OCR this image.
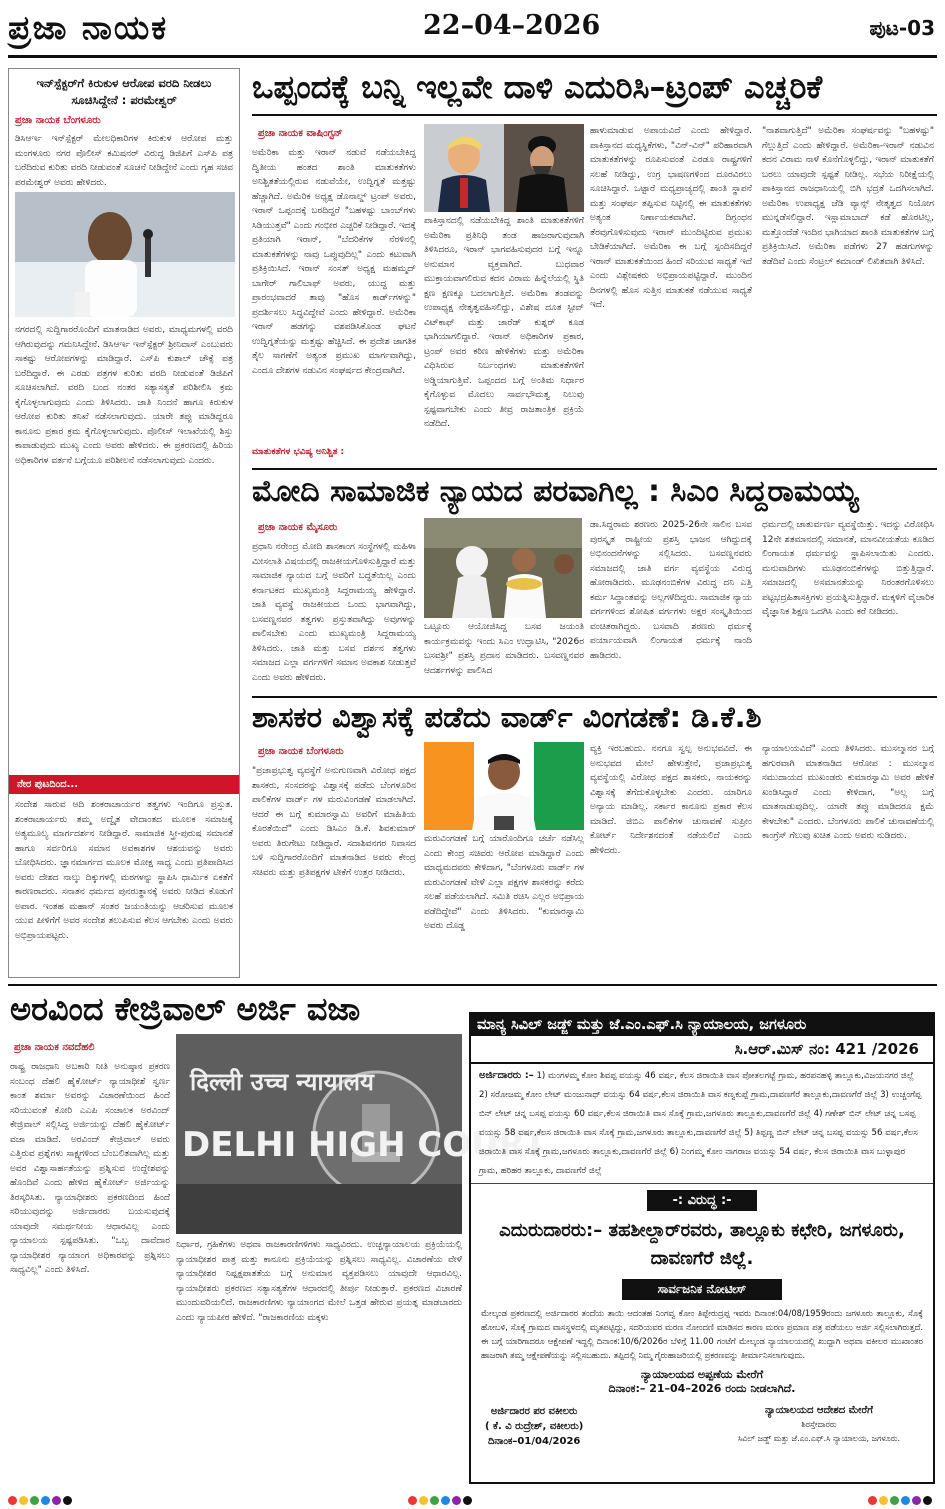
ಪ್ರಜಾ ನಾಯಕ	22–04–2026	ಪುಟ-03
ಇನ್‌ಸ್ಪೆಕ್ಟರ್‌ಗೆ ಕಿರುಕುಳ ಆರೋಪ ವರದಿ ನೀಡಲು ಸೂಚಿಸಿದ್ದೇನೆ : ಪರಮೇಶ್ವರ್
ಪ್ರಜಾ ನಾಯಕ ಬೆಂಗಳೂರು
ಡಿಸಿಆರ್ಇ ಇನ್‌ಸ್ಪೆಕ್ಟರ್ ಮೇಲಧಿಕಾರಿಗಳ ಕಿರುಕುಳ ಆರೋಪ ಮತ್ತು ಮಂಗಳೂರು ನಗರ ಪೊಲೀಸ್ ಕಮಿಷನರ್ ವಿರುದ್ಧ ಡಿಜಿಪಿಗೆ ಎಸ್‌ಪಿ ಪತ್ರ ಬರೆದಿರುವ ಕುರಿತು ವರದಿ ನೀಡುವಂತೆ ಸೂಚನೆ ನೀಡಿದ್ದೇನೆ ಎಂದು ಗೃಹ ಸಚಿವ ಪರಮೇಶ್ವರ್ ಅವರು ಹೇಳಿದರು.
ನಗರದಲ್ಲಿ ಸುದ್ದಿಗಾರರೊಂದಿಗೆ ಮಾತನಾಡಿದ ಅವರು, ಮಾಧ್ಯಮಗಳಲ್ಲಿ ವರದಿ ಆಗಿರುವುದನ್ನು ಗಮನಿಸಿದ್ದೇನೆ. ಡಿಸಿಆರ್ಇ ಇನ್‌ಸ್ಪೆಕ್ಟರ್ ಶ್ರೀನಿವಾಸ್ ಎಂಬುವರು ಸಾಕಷ್ಟು ಆರೋಪಗಳನ್ನು ಮಾಡಿದ್ದಾರೆ. ಎಸ್‌ಪಿ ಕುಶಾಲ್ ಚೌಕ್ಸೆ ಪತ್ರ ಬರೆದಿದ್ದಾರೆ. ಈ ಎರಡು ಪತ್ರಗಳ ಕುರಿತು ವರದಿ ನೀಡುವಂತೆ ಡಿಜಿಪಿಗೆ ಸೂಚಿಸಲಾಗಿದೆ. ವರದಿ ಬಂದ ನಂತರ ಸತ್ಯಾಸತ್ಯತೆ ಪರಿಶೀಲಿಸಿ ಕ್ರಮ ಕೈಗೊಳ್ಳಲಾಗುವುದು ಎಂದು ತಿಳಿಸಿದರು. ಜಾತಿ ನಿಂದನೆ ಹಾಗೂ ಕಿರುಕುಳ ಆರೋಪ ಕುರಿತು ತನಿಖೆ ನಡೆಸಲಾಗುವುದು. ಯಾರೇ ತಪ್ಪು ಮಾಡಿದ್ದರೂ ಕಾನೂನು ಪ್ರಕಾರ ಕ್ರಮ ಕೈಗೊಳ್ಳಲಾಗುವುದು. ಪೊಲೀಸ್ ಇಲಾಖೆಯಲ್ಲಿ ಶಿಸ್ತು ಕಾಪಾಡುವುದು ಮುಖ್ಯ ಎಂದು ಅವರು ಹೇಳಿದರು. ಈ ಪ್ರಕರಣದಲ್ಲಿ ಹಿರಿಯ ಅಧಿಕಾರಿಗಳ ವರ್ತನೆ ಬಗ್ಗೆಯೂ ಪರಿಶೀಲನೆ ನಡೆಸಲಾಗುವುದು ಎಂದರು.
ನೇರ ಪುಟದಿಂದ...
ಸಂದೇಶ ಸಾರುವ ಆದಿ ಶಂಕರಾಚಾರ್ಯರ ತತ್ವಗಳು ಇಂದಿಗೂ ಪ್ರಸ್ತುತ. ಶಂಕರಾಚಾರ್ಯರು ತಮ್ಮ ಅದ್ವೈತ ವೇದಾಂತದ ಮೂಲಕ ಸಮಾಜಕ್ಕೆ ಅತ್ಯಮೂಲ್ಯ ಮಾರ್ಗದರ್ಶನ ನೀಡಿದ್ದಾರೆ. ಸಾಮಾಜಿಕ ಸ್ತ್ರೀ-ಪುರುಷ ಸಮಾನತೆ ಹಾಗೂ ಸರ್ವರಿಗೂ ಸಮಾನ ಅವಕಾಶಗಳ ಆಶಯವನ್ನು ಅವರು ಬೋಧಿಸಿದರು. ಜ್ಞಾನಮಾರ್ಗದ ಮೂಲಕ ಮೋಕ್ಷ ಸಾಧ್ಯ ಎಂದು ಪ್ರತಿಪಾದಿಸಿದ ಅವರು ದೇಶದ ನಾಲ್ಕು ದಿಕ್ಕುಗಳಲ್ಲಿ ಮಠಗಳನ್ನು ಸ್ಥಾಪಿಸಿ ಧಾರ್ಮಿಕ ಏಕತೆಗೆ ಕಾರಣರಾದರು. ಸನಾತನ ಧರ್ಮದ ಪುನರುತ್ಥಾನಕ್ಕೆ ಅವರು ನೀಡಿದ ಕೊಡುಗೆ ಅಪಾರ. ಇಂತಹ ಮಹಾನ್ ಸಂತರ ಜಯಂತಿಯನ್ನು ಆಚರಿಸುವ ಮೂಲಕ ಯುವ ಪೀಳಿಗೆಗೆ ಅವರ ಸಂದೇಶ ತಲುಪಿಸುವ ಕೆಲಸ ಆಗಬೇಕು ಎಂದು ಅವರು ಅಭಿಪ್ರಾಯಪಟ್ಟರು.
ಒಪ್ಪಂದಕ್ಕೆ ಬನ್ನಿ ಇಲ್ಲವೇ ದಾಳಿ ಎದುರಿಸಿ–ಟ್ರಂಪ್ ಎಚ್ಚರಿಕೆ
ಪ್ರಜಾ ನಾಯಕ ವಾಷಿಂಗ್ಟನ್
ಅಮೆರಿಕಾ ಮತ್ತು ಇರಾನ್ ನಡುವೆ ನಡೆಯಬೇಕಿದ್ದ ದ್ವಿತೀಯ ಹಂತದ ಶಾಂತಿ ಮಾತುಕತೆಗಳು ಅನಿಶ್ಚಿತತೆಯಲ್ಲಿರುವ ನಡುವೆಯೇ, ಉದ್ವಿಗ್ನತೆ ಮತ್ತಷ್ಟು ಹೆಚ್ಚಾಗಿದೆ. ಅಮೆರಿಕ ಅಧ್ಯಕ್ಷ ಡೊನಾಲ್ಡ್ ಟ್ರಂಪ್ ಅವರು, ಇರಾನ್ ಒಪ್ಪಂದಕ್ಕೆ ಬರದಿದ್ದರೆ "ಬಹಳಷ್ಟು ಬಾಂಬ್‌ಗಳು ಸಿಡಿಯುತ್ತವೆ" ಎಂದು ಗಂಭೀರ ಎಚ್ಚರಿಕೆ ನೀಡಿದ್ದಾರೆ. ಇದಕ್ಕೆ ಪ್ರತಿಯಾಗಿ ಇರಾನ್, "ಬೆದರಿಕೆಗಳ ನೆರಳಿನಲ್ಲಿ ಮಾತುಕತೆಗಳನ್ನು ನಾವು ಒಪ್ಪುವುದಿಲ್ಲ" ಎಂದು ಕಟುವಾಗಿ ಪ್ರತಿಕ್ರಿಯಿಸಿದೆ. ಇರಾನ್ ಸಂಸತ್ ಅಧ್ಯಕ್ಷ ಮಹಮ್ಮದ್ ಬಾಗೇರ್ ಗಾಲಿಬಾಫ್ ಅವರು, ಯುದ್ಧ ಮತ್ತು ಪ್ರಾರಂಭವಾದರೆ ತಾವು "ಹೊಸ ಕಾರ್ಡ್‌ಗಳನ್ನು" ಪ್ರದರ್ಶಿಸಲು ಸಿದ್ಧವಿದ್ದೇವೆ ಎಂದು ಹೇಳಿದ್ದಾರೆ. ಅಮೆರಿಕಾ ಇರಾನ್ ಹಡಗನ್ನು ವಶಪಡಿಸಿಕೊಂಡ ಘಟನೆ ಉದ್ವಿಗ್ನತೆಯನ್ನು ಮತ್ತಷ್ಟು ಹೆಚ್ಚಿಸಿದೆ. ಈ ಪ್ರದೇಶ ಜಾಗತಿಕ ತೈಲ ಸಾಗಣೆಗೆ ಅತ್ಯಂತ ಪ್ರಮುಖ ಮಾರ್ಗವಾಗಿದ್ದು, ಎಂದೂ ದೇಶಗಳ ನಡುವಿನ ಸಂಘರ್ಷದ ಕೇಂದ್ರವಾಗಿದೆ.
ಮಾತುಕತೆಗಳ ಭವಿಷ್ಯ ಅನಿಶ್ಚಿತ :
ಪಾಕಿಸ್ತಾನದಲ್ಲಿ ನಡೆಯಬೇಕಿದ್ದ ಶಾಂತಿ ಮಾತುಕತೆಗಳಿಗೆ ಅಮೆರಿಕಾ ಪ್ರತಿನಿಧಿ ತಂಡ ಹಾಜರಾಗುವುದಾಗಿ ತಿಳಿಸಿದರೂ, ಇರಾನ್ ಭಾಗವಹಿಸುವುದರ ಬಗ್ಗೆ ಇನ್ನೂ ಅನುಮಾನ ವ್ಯಕ್ತವಾಗಿದೆ. ಬುಧವಾರ ಮುಕ್ತಾಯವಾಗಲಿರುವ ಕದನ ವಿರಾಮ ಹಿನ್ನೆಲೆಯಲ್ಲಿ ಸ್ಥಿತಿ ಕ್ಷಣ ಕ್ಷಣಕ್ಕೂ ಬದಲಾಗುತ್ತಿದೆ. ಅಮೆರಿಕಾ ತಂಡವನ್ನು ಉಪಾಧ್ಯಕ್ಷ ನೇತೃತ್ವವಹಿಸಲಿದ್ದು, ವಿಶೇಷ ದೂತ ಸ್ಟೀವ್ ವಿಟ್‌ಕಾಫ್ ಮತ್ತು ಜಾರೆಡ್ ಕುಶ್ನರ್ ಕೂಡ ಭಾಗಿಯಾಗಲಿದ್ದಾರೆ. ಇರಾನ್ ಅಧಿಕಾರಿಗಳ ಪ್ರಕಾರ, ಟ್ರಂಪ್ ಅವರ ಕಠಿಣ ಹೇಳಿಕೆಗಳು ಮತ್ತು ಅಮೆರಿಕಾ ವಿಧಿಸಿರುವ ನಿರ್ಬಂಧಗಳು ಮಾತುಕತೆಗಳಿಗೆ ಅಡ್ಡಿಯಾಗುತ್ತಿವೆ. ಒಪ್ಪಂದದ ಬಗ್ಗೆ ಅಂತಿಮ ನಿರ್ಧಾರ ಕೈಗೊಳ್ಳುವ ಮೊದಲು ಸಾರ್ವಭೌಮತ್ವ ನಿಲುವು ಸ್ಪಷ್ಟವಾಗಬೇಕು ಎಂದು ತೀವ್ರ ರಾಜತಾಂತ್ರಿಕ ಪ್ರಕ್ರಿಯೆ ನಡೆದಿದೆ.
ಹಾಳುಮಾಡುವ ಅಪಾಯವಿದೆ ಎಂದು ಹೇಳಿದ್ದಾರೆ. ಪಾಕಿಸ್ತಾನದ ಮಧ್ಯಸ್ಥಿಕೆಗಳು, "ವಿನ್-ವಿನ್" ಪರಿಹಾರವಾಗಿ ಮಾತುಕತೆಗಳನ್ನು ರೂಪಿಸುವಂತೆ ಎರಡೂ ರಾಷ್ಟ್ರಗಳಿಗೆ ಸಲಹೆ ನೀಡಿದ್ದು, ಉಗ್ರ ಭಾಷಣಗಳಿಂದ ದೂರವಿರಲು ಸೂಚಿಸಿದ್ದಾರೆ. ಒಟ್ಟಾರೆ ಮಧ್ಯಪ್ರಾಚ್ಯದಲ್ಲಿ ಶಾಂತಿ ಸ್ಥಾಪನೆ ಮತ್ತು ಸಂಘರ್ಷ ತಪ್ಪಿಸುವ ನಿಟ್ಟಿನಲ್ಲಿ ಈ ಮಾತುಕತೆಗಳು ಅತ್ಯಂತ ನಿರ್ಣಾಯಕವಾಗಿವೆ. ದಿಗ್ಬಂಧನ ತೆರವುಗೊಳಿಸುವುದು ಇರಾನ್ ಮುಂದಿಟ್ಟಿರುವ ಪ್ರಮುಖ ಬೇಡಿಕೆಯಾಗಿದೆ. ಅಮೆರಿಕಾ ಈ ಬಗ್ಗೆ ಸ್ಪಂದಿಸದಿದ್ದರೆ ಇರಾನ್ ಮಾತುಕತೆಯಿಂದ ಹಿಂದೆ ಸರಿಯುವ ಸಾಧ್ಯತೆ ಇದೆ ಎಂದು ವಿಶ್ಲೇಷಕರು ಅಭಿಪ್ರಾಯಪಟ್ಟಿದ್ದಾರೆ. ಮುಂದಿನ ದಿನಗಳಲ್ಲಿ ಹೊಸ ಸುತ್ತಿನ ಮಾತುಕತೆ ನಡೆಯುವ ಸಾಧ್ಯತೆ ಇದೆ.
"ನಾಶವಾಗುತ್ತಿದೆ" ಅಮೆರಿಕಾ ಸಂಘರ್ಷವನ್ನು "ಬಹಳಷ್ಟು" ಗೆಲ್ಲುತ್ತಿದೆ ಎಂದು ಹೇಳಿದ್ದಾರೆ. ಅಮೆರಿಕಾ-ಇರಾನ್ ನಡುವಿನ ಕದನ ವಿರಾಮ ನಾಳೆ ಕೊನೆಗೊಳ್ಳಲಿದ್ದು, ಇರಾನ್ ಮಾತುಕತೆಗೆ ಬರಲು ಯಾವುದೇ ಸ್ಪಷ್ಟತೆ ನೀಡಿಲ್ಲ. ಸಭೆಯ ನಿರೀಕ್ಷೆಯಲ್ಲಿ ಪಾಕಿಸ್ತಾನದ ರಾಜಧಾನಿಯಲ್ಲಿ ಬಿಗಿ ಭದ್ರತೆ ಒದಗಿಸಲಾಗಿದೆ. ಅಮೆರಿಕಾ ಉಪಾಧ್ಯಕ್ಷ ಜೆಡಿ ವ್ಯಾನ್ಸ್ ನೇತೃತ್ವದ ನಿಯೋಗ ಮುನ್ನಡೆಸಲಿದ್ದಾರೆ. ಇಸ್ಲಾಮಾಬಾದ್ ಕಡೆ ಹೊರಟಿಲ್ಲ, ಮತ್ತೊಂದೆಡೆ ಇಂದಿನ ಭಾಗಿಯಾದ ಶಾಂತಿ ಮಾತುಕತೆಗಳ ಬಗ್ಗೆ ಪ್ರತಿಕ್ರಿಯಿಸಿದೆ. ಅಮೆರಿಕಾ ಪಡೆಗಳು 27 ಹಡಗುಗಳನ್ನು ತಡೆದಿವೆ ಎಂದು ಸೆಂಟ್ರಲ್ ಕಮಾಂಡ್ ಲಿಖಿತವಾಗಿ ತಿಳಿಸಿದೆ.
ಮೋದಿ ಸಾಮಾಜಿಕ ನ್ಯಾಯದ ಪರವಾಗಿಲ್ಲ : ಸಿಎಂ ಸಿದ್ದರಾಮಯ್ಯ
ಪ್ರಜಾ ನಾಯಕ ಮೈಸೂರು
ಪ್ರಧಾನಿ ನರೇಂದ್ರ ಮೋದಿ ಶಾಸಕಾಂಗ ಸಂಸ್ಥೆಗಳಲ್ಲಿ ಮಹಿಳಾ ಮೀಸಲಾತಿ ವಿಷಯದಲ್ಲಿ ರಾಜಕೀಯಗೊಳಿಸುತ್ತಿದ್ದಾರೆ ಮತ್ತು ಸಾಮಾಜಿಕ ನ್ಯಾಯದ ಬಗ್ಗೆ ಅವರಿಗೆ ಬದ್ಧತೆಯಿಲ್ಲ ಎಂದು ಕರ್ನಾಟಕದ ಮುಖ್ಯಮಂತ್ರಿ ಸಿದ್ದರಾಮಯ್ಯ ಹೇಳಿದ್ದಾರೆ. ಜಾತಿ ವ್ಯವಸ್ಥೆ ರಾಜಕೀಯದ ಒಂದು ಭಾಗವಾಗಿದ್ದು, ಬಸವಣ್ಣನವರ ತತ್ವಗಳು ಪ್ರಸ್ತುತವಾಗಿದ್ದು ಅವುಗಳನ್ನು ಪಾಲಿಸಬೇಕು ಎಂದು ಮುಖ್ಯಮಂತ್ರಿ ಸಿದ್ದರಾಮಯ್ಯ ತಿಳಿಸಿದರು. ಜಾತಿ ಮತ್ತು ಬಸವ ದರ್ಶನ ತತ್ವಗಳು ಸಮಾಜದ ಎಲ್ಲಾ ವರ್ಗಗಳಿಗೆ ಸಮಾನ ಅವಕಾಶ ನೀಡುತ್ತವೆ ಎಂದು ಅವರು ಹೇಳಿದರು.
ಒಟ್ಟೂರು ಆಯೋಜಿಸಿದ್ದ ಬಸವ ಜಯಂತಿ ಕಾರ್ಯಕ್ರಮವನ್ನು ಇಂದು ಸಿಎಂ ಉದ್ಘಾಟಿಸಿ, "2026ರ ಬಸವಶ್ರೀ" ಪ್ರಶಸ್ತಿ ಪ್ರದಾನ ಮಾಡಿದರು. ಬಸವಣ್ಣನವರ ಆದರ್ಶಗಳನ್ನು ಪಾಲಿಸಿದ
ಡಾ.ಸಿದ್ದರಾಮ ಶರಣರು 2025-26ನೇ ಸಾಲಿನ ಬಸವ ಪುರಸ್ಕೃತ ರಾಷ್ಟ್ರೀಯ ಪ್ರಶಸ್ತಿ ಭಾಜನ ಆಗಿದ್ದುದಕ್ಕೆ ಅಭಿನಂದನೆಗಳನ್ನು ಸಲ್ಲಿಸಿದರು. ಬಸವಣ್ಣನವರು ಸಮಾಜದಲ್ಲಿ ಜಾತಿ ವರ್ಗ ವ್ಯವಸ್ಥೆಯ ವಿರುದ್ಧ ಹೋರಾಡಿದರು. ಮೂಢನಂಬಿಕೆಗಳ ವಿರುದ್ಧ ದನಿ ಎತ್ತಿ ಕರ್ಮ ಸಿದ್ಧಾಂತವನ್ನು ಅಲ್ಲಗಳೆದಿದ್ದರು. ಸಾಮಾಜಿಕ ನ್ಯಾಯ ವರ್ಗಗಳಿಂದ ಶೋಷಿತ ವರ್ಗಗಳು ಅಕ್ಷರ ಸಂಸ್ಕೃತಿಯಿಂದ ವಂಚಿತರಾಗಿದ್ದರು. ಬಸವಾದಿ ಶರಣರು ಧರ್ಮಕ್ಕೆ ಪರ್ಯಾಯವಾಗಿ ಲಿಂಗಾಯತ ಧರ್ಮಕ್ಕೆ ನಾಂದಿ ಹಾಡಿದರು.
ಧರ್ಮದಲ್ಲಿ ಚಾತುರ್ವರ್ಣ ವ್ಯವಸ್ಥೆಯಿತ್ತು. ಇದನ್ನು ವಿರೋಧಿಸಿ 12ನೇ ಶತಮಾನದಲ್ಲಿ ಸಮಾನತೆ, ಮಾನವೀಯತೆಯ ಕೂಡಿದ ಲಿಂಗಾಯತ ಧರ್ಮವನ್ನು ಸ್ಥಾಪಿಸಲಾಯಿತು ಎಂದರು. ಮನುವಾದಿಗಳು ಮೂಢನಂಬಿಕೆಗಳನ್ನು ಬಿತ್ತುತ್ತಿದ್ದಾರೆ. ಸಮಾಜದಲ್ಲಿ ಅಸಮಾನತೆಯನ್ನು ನಿರಂತರಗೊಳಿಸಲು ಪಟ್ಟಭದ್ರಹಿತಾಸಕ್ತಿಗಳು ಪ್ರಯತ್ನಿಸುತ್ತಿದ್ದಾರೆ. ಮಕ್ಕಳಿಗೆ ವೈಚಾರಿಕ ವೈಜ್ಞಾನಿಕ ಶಿಕ್ಷಣ ಒದಗಿಸಿ ಎಂದು ಕರೆ ನೀಡಿದರು.
ಶಾಸಕರ ವಿಶ್ವಾಸಕ್ಕೆ ಪಡೆದು ವಾರ್ಡ್ ವಿಂಗಡಣೆ: ಡಿ.ಕೆ.ಶಿ
ಪ್ರಜಾ ನಾಯಕ ಬೆಂಗಳೂರು
"ಪ್ರಜಾಪ್ರಭುತ್ವ ವ್ಯವಸ್ಥೆಗೆ ಅನುಗುಣವಾಗಿ ವಿರೋಧ ಪಕ್ಷದ ಶಾಸಕರು, ಸಂಸದರನ್ನು ವಿಶ್ವಾಸಕ್ಕೆ ಪಡೆದು ಬೆಂಗಳೂರಿನ ಪಾಲಿಕೆಗಳ ವಾರ್ಡ್ ಗಳ ಮರುವಿಂಗಡಣೆ ಮಾಡಲಾಗಿದೆ. ಆದರೆ ಈ ಬಗ್ಗೆ ಕುಮಾರಸ್ವಾಮಿ ಅವರಿಗೆ ಮಾಹಿತಿಯ ಕೊರತೆಯಿದೆ" ಎಂದು ಡಿಸಿಎಂ ಡಿ.ಕೆ. ಶಿವಕುಮಾರ್ ಅವರು ತಿರುಗೇಟು ನೀಡಿದ್ದಾರೆ. ಸದಾಶಿವನಗರ ನಿವಾಸದ ಬಳಿ ಸುದ್ದಿಗಾರರೊಂದಿಗೆ ಮಾತನಾಡಿದ ಅವರು ಕೇಂದ್ರ ಸಚಿವರು ಮತ್ತು ಪ್ರತಿಪಕ್ಷಗಳ ಟೀಕೆಗೆ ಉತ್ತರ ನೀಡಿದರು.
ಮರುವಿಂಗಡಣೆ ಬಗ್ಗೆ ಯಾರೊಂದಿಗೂ ಚರ್ಚೆ ನಡೆಸಿಲ್ಲ ಎಂದು ಕೇಂದ್ರ ಸಚಿವರು ಆರೋಪ ಮಾಡಿದ್ದಾರೆ ಎಂದು ಮಾಧ್ಯಮದವರು ಕೇಳಿದಾಗ, "ಬೆಂಗಳೂರು ವಾರ್ಡ್ ಗಳ ಮರುವಿಂಗಡಣೆ ವೇಳೆ ಎಲ್ಲಾ ಪಕ್ಷಗಳ ಶಾಸಕರನ್ನು ಕರೆದು ಸಲಹೆ ಪಡೆಯಲಾಗಿದೆ. ಸಮಿತಿ ರಚಿಸಿ ಎಲ್ಲರ ಅಭಿಪ್ರಾಯ ಪಡೆದಿದ್ದೇವೆ" ಎಂದು ತಿಳಿಸಿದರು. "ಕುಮಾರಸ್ವಾಮಿ ಅವರು ದೊಡ್ಡ
ವ್ಯಕ್ತಿ ಇರಬಹುದು. ನನಗೂ ಸ್ವಲ್ಪ ಅನುಭವವಿದೆ. ಈ ಅನುಭವದ ಮೇಲೆ ಹೇಳುತ್ತೇನೆ, ಪ್ರಜಾಪ್ರಭುತ್ವ ವ್ಯವಸ್ಥೆಯಲ್ಲಿ ವಿರೋಧ ಪಕ್ಷದ ಶಾಸಕರು, ನಾಯಕರನ್ನು ವಿಶ್ವಾಸಕ್ಕೆ ತೆಗೆದುಕೊಳ್ಳಬೇಕು ಎಂದರು. ಯಾರಿಗೂ ಅನ್ಯಾಯ ಮಾಡಿಲ್ಲ. ಸರ್ಕಾರ ಕಾನೂನು ಪ್ರಕಾರ ಕೆಲಸ ಮಾಡಿದೆ. ಜಿಬಿಎ ಪಾಲಿಕೆಗಳ ಚುನಾವಣೆ ಸುಪ್ರೀಂ ಕೋರ್ಟ್ ನಿರ್ದೇಶನದಂತೆ ನಡೆಯಲಿದೆ ಎಂದು ಹೇಳಿದರು.
ನ್ಯಾಯಾಲಯವಿದೆ" ಎಂದು ತಿಳಿಸಿದರು. ಮುಸಲ್ಮಾನರ ಬಗ್ಗೆ ಹಗುರವಾಗಿ ಮಾತನಾಡಿದ ಆರೋಪ : ಮುಸಲ್ಮಾನ ಸಮುದಾಯದ ಮುಖಂಡರು ಕುಮಾರಸ್ವಾಮಿ ಅವರ ಹೇಳಿಕೆ ಖಂಡಿಸಿದ್ದಾರೆ ಎಂದು ಕೇಳಿದಾಗ, "ಅಲ್ಲ ಬಗ್ಗೆ ಮಾತನಾಡುವುದಿಲ್ಲ. ಯಾರೇ ತಪ್ಪು ಮಾಡಿದರೂ ಕ್ಷಮೆ ಕೇಳಬೇಕು" ಎಂದರು. ಬೆಂಗಳೂರು ಪಾಲಿಕೆ ಚುನಾವಣೆಯಲ್ಲಿ ಕಾಂಗ್ರೆಸ್ ಗೆಲುವು ಖಚಿತ ಎಂದು ಅವರು ನುಡಿದರು.
ಅರವಿಂದ ಕೇಜ್ರಿವಾಲ್ ಅರ್ಜಿ ವಜಾ
ಪ್ರಜಾ ನಾಯಕ ನವದೆಹಲಿ
दिल्ली उच्च न्यायालय
DELHI HIGH COURT
ರಾಷ್ಟ್ರ ರಾಜಧಾನಿ ಅಬಕಾರಿ ನೀತಿ ಅನುಷ್ಠಾನ ಪ್ರಕರಣ ಸಂಬಂಧ ದೆಹಲಿ ಹೈಕೋರ್ಟ್ ನ್ಯಾಯಾಧೀಶೆ ಸ್ವರ್ಣ ಕಾಂತ ಶರ್ಮಾ ಅವರನ್ನು ವಿಚಾರಣೆಯಿಂದ ಹಿಂದೆ ಸರಿಯುವಂತೆ ಕೋರಿ ಎಎಪಿ ಸಂಚಾಲಕ ಅರವಿಂದ್ ಕೇಜ್ರಿವಾಲ್ ಸಲ್ಲಿಸಿದ್ದ ಅರ್ಜಿಯನ್ನು ದೆಹಲಿ ಹೈಕೋರ್ಟ್ ವಜಾ ಮಾಡಿದೆ. ಅರವಿಂದ್ ಕೇಜ್ರಿವಾಲ್ ಅವರು ಎತ್ತಿರುವ ಪ್ರಶ್ನೆಗಳು ಸಾಕ್ಷ್ಯಗಳಿಂದ ಬೆಂಬಲಿತವಾಗಿಲ್ಲ ಮತ್ತು ಅವರ ವಿಶ್ವಾಸಾರ್ಹತೆಯನ್ನು ಪ್ರಶ್ನಿಸುವ ಉದ್ದೇಶವನ್ನು ಹೊಂದಿವೆ ಎಂದು ಹೇಳಿದ ಹೈಕೋರ್ಟ್ ಅರ್ಜಿಯನ್ನು ತಿರಸ್ಕರಿಸಿತು. ನ್ಯಾಯಾಧೀಶರು ಪ್ರಕರಣದಿಂದ ಹಿಂದೆ ಸರಿಯುವುದನ್ನು ಅರ್ಜಿದಾರರು ಬಯಸುವುದಕ್ಕೆ ಯಾವುದೇ ಸಮರ್ಥನೀಯ ಆಧಾರವಿಲ್ಲ ಎಂದು ನ್ಯಾಯಾಲಯ ಸ್ಪಷ್ಟಪಡಿಸಿತು. "ಒಬ್ಬ ದಾವೆದಾರ ನ್ಯಾಯಾಧೀಶರ ನ್ಯಾಯಾಂಗ ಅಧಿಕಾರವನ್ನು ಪ್ರಶ್ನಿಸಲು ಸಾಧ್ಯವಿಲ್ಲ" ಎಂದು ತಿಳಿಸಿದೆ.
ನಿರ್ಧಾರ, ಗ್ರಹಿಕೆಗಳು ಅಥವಾ ರಾಜಕಾರಣಿಗಳಿಗಳು ಸಾಧ್ಯವಿರದು. ಉಚ್ಚನ್ಯಾಯಾಲಯ ಪ್ರಕ್ರಿಯೆಯಲ್ಲಿ ನ್ಯಾಯಾಧೀಶರ ಪಾತ್ರ ಮತ್ತು ಕಾನೂನು ಪ್ರಕ್ರಿಯೆಯನ್ನು ಪ್ರಶ್ನಿಸಲು ಸಾಧ್ಯವಿಲ್ಲ. ವಿಚಾರಣೆಯ ವೇಳೆ ನ್ಯಾಯಾಧೀಶರ ನಿಷ್ಪಕ್ಷಪಾತತೆಯ ಬಗ್ಗೆ ಅನುಮಾನ ವ್ಯಕ್ತಪಡಿಸಲು ಯಾವುದೇ ಆಧಾರವಿಲ್ಲ. ನ್ಯಾಯಾಧೀಶರು ಪ್ರಕರಣದ ಸತ್ಯಾಸತ್ಯತೆಗಳ ಆಧಾರದಲ್ಲಿ ತೀರ್ಪು ನೀಡುತ್ತಾರೆ. ಪ್ರಕರಣದ ವಿಚಾರಣೆ ಮುಂದುವರಿಯಲಿದೆ. ರಾಜಕಾರಣಿಗಳು ನ್ಯಾಯಾಂಗದ ಮೇಲೆ ಒತ್ತಡ ಹೇರುವ ಪ್ರಯತ್ನ ಮಾಡಬಾರದು ಎಂದು ನ್ಯಾಯಪೀಠ ಹೇಳಿದೆ. "ರಾಜಕಾರಣಿಯ ಮಕ್ಕಳು
ಮಾನ್ಯ ಸಿವಿಲ್ ಜಡ್ಜ್ ಮತ್ತು ಜೆ.ಎಂ.ಎಫ್.ಸಿ ನ್ಯಾಯಾಲಯ, ಜಗಳೂರು
ಸಿ.ಆರ್.ಮಿಸ್ ನಂ: 421 /2026
ಅರ್ಜಿದಾರರು :– 1) ಮಂಗಳಮ್ಮ ಕೋಂ ಶಿವಪ್ಪ ವಯಸ್ಸು 46 ವರ್ಷ, ಕೆಲಸ ಜಿರಾಯಿತಿ ವಾಸ ಪೋತಲಗಟ್ಟೆ ಗ್ರಾಮ, ಹರಪನಹಳ್ಳಿ ತಾಲ್ಲೂಕು,ವಿಜಯನಗರ ಜಿಲ್ಲೆ 2) ಸರೋಜಮ್ಮ ಕೋಂ ಲೇಟ್ ಮಂಜುನಾಥ್ ವಯಸ್ಸು 64 ವರ್ಷ,ಕೆಲಸ ಜಿರಾಯಿತಿ ವಾಸ ಕಣ್ವಕುಪ್ಪೆ ಗ್ರಾಮ,ದಾವಣಗೆರೆ ತಾಲ್ಲೂಕು,ದಾವಣಗೆರೆ ಜಿಲ್ಲೆ 3) ಉಚ್ಚಂಗೆಪ್ಪ ಬಿನ್ ಲೇಟ್ ಚನ್ನ ಬಸಪ್ಪ ವಯಸ್ಸು 60 ವರ್ಷ,ಕೆಲಸ ಜಿರಾಯಿತಿ ವಾಸ ಸೊಕ್ಕೆ ಗ್ರಾಮ,ಜಗಳೂರು ತಾಲ್ಲೂಕು,ದಾವಣಗೆರೆ ಜಿಲ್ಲೆ 4) ಗಣೇಶ್ ಬಿನ್ ಲೇಟ್ ಚನ್ನ ಬಸಪ್ಪ ವಯಸ್ಸು 58 ವರ್ಷ,ಕೆಲಸ ಜಿರಾಯಿತಿ ವಾಸ ಸೊಕ್ಕೆ ಗ್ರಾಮ,ಜಗಳೂರು ತಾಲ್ಲೂಕು,ದಾವಣಗೆರೆ ಜಿಲ್ಲೆ 5) ತಿಪ್ಪಣ್ಣ ಬಿನ್ ಲೇಟ್ ಚನ್ನ ಬಸಪ್ಪ ವಯಸ್ಸು 56 ವರ್ಷ,ಕೆಲಸ ಜಿರಾಯಿತಿ ವಾಸ ಸೊಕ್ಕೆ ಗ್ರಾಮ,ಜಗಳೂರು ತಾಲ್ಲೂಕು,ದಾವಣಗೆರೆ ಜಿಲ್ಲೆ 6) ನಿಂಗಮ್ಮ ಕೋಂ ನಾಗರಾಜ ವಯಸ್ಸು 54 ವರ್ಷ, ಕೆಲಸ ಜಿರಾಯಿತಿ ವಾಸ ಬುಳ್ಳಾಪುರ ಗ್ರಾಮ, ಹರಿಹರ ತಾಲ್ಲೂಕು, ದಾವಣಗೆರೆ ಜಿಲ್ಲೆ
-: ವಿರುದ್ಧ :-
ಎದುರುದಾರರು:– ತಹಶೀಲ್ದಾರ್‌ರವರು, ತಾಲ್ಲೂಕು ಕಛೇರಿ, ಜಗಳೂರು, ದಾವಣಗೆರೆ ಜಿಲ್ಲೆ.
ಸಾರ್ವಜನಿಕ ನೋಟೀಸ್
ಮೇಲ್ಕಂಡ ಪ್ರಕರಣದಲ್ಲಿ ಅರ್ಜಿದಾರರ ತಂದೆಯ ತಾಯಿ ಆದಂತಹ ನಿಂಗವ್ವ ಕೋಂ ತಿಪ್ಪೇರುದ್ರಪ್ಪ ಇವರು ದಿನಾಂಕ:04/08/1959ರಂದು ಜಗಳೂರು ತಾಲ್ಲೂಕು, ಸೊಕ್ಕೆ ಹೋಬಳಿ, ಸೊಕ್ಕೆ ಗ್ರಾಮದ ವಾಸಸ್ಥಳದಲ್ಲಿ ಮೃತಪಟ್ಟಿದ್ದು, ಸದರಿಯವರ ಮರಣ ನೋಂದಣಿ ಮಾಡಿಸದ ಕಾರಣ ಮರಣ ಪ್ರಮಾಣ ಪತ್ರ ಪಡೆಯಲು ಅರ್ಜಿ ಸಲ್ಲಿಸಲಾಗಿರುತ್ತದೆ. ಈ ಬಗ್ಗೆ ಯಾರಿಗಾದರೂ ಆಕ್ಷೇಪಣೆ ಇದ್ದಲ್ಲಿ ದಿನಾಂಕ:10/6/2026ರ ಬೆಳಿಗ್ಗೆ 11.00 ಗಂಟೆಗೆ ಮೇಲ್ಕಂಡ ನ್ಯಾಯಾಲಯದಲ್ಲಿ ಖುದ್ದಾಗಿ ಅಥವಾ ವಕೀಲರ ಮುಖಾಂತರ ಹಾಜರಾಗಿ ತಮ್ಮ ಆಕ್ಷೇಪಣೆಯನ್ನು ಸಲ್ಲಿಸಬಹುದು. ತಪ್ಪಿದಲ್ಲಿ ನಿಮ್ಮ ಗೈರುಹಾಜರಿಯಲ್ಲಿ ಪ್ರಕರಣವನ್ನು ತೀರ್ಮಾನಿಸಲಾಗುವುದು.
ನ್ಯಾಯಾಲಯದ ಅಪ್ಪಣೆಯ ಮೇರೆಗೆ
ದಿನಾಂಕ:– 21–04–2026 ರಂದು ನೀಡಲಾಗಿದೆ.
ಅರ್ಜಿದಾರರ ಪರ ವಕೀಲರು
( ಕೆ. ವಿ ರುದ್ರೇಶ್, ವಕೀಲರು)
ದಿನಾಂಕ–01/04/2026
ನ್ಯಾಯಾಲಯದ ಆದೇಶದ ಮೇರೆಗೆ
ಶಿರಸ್ತೇದಾರರು
ಸಿವಿಲ್ ಜಡ್ಜ್ ಮತ್ತು ಜೆ.ಎಂ.ಎಫ್.ಸಿ ನ್ಯಾಯಾಲಯ, ಜಗಳೂರು.
